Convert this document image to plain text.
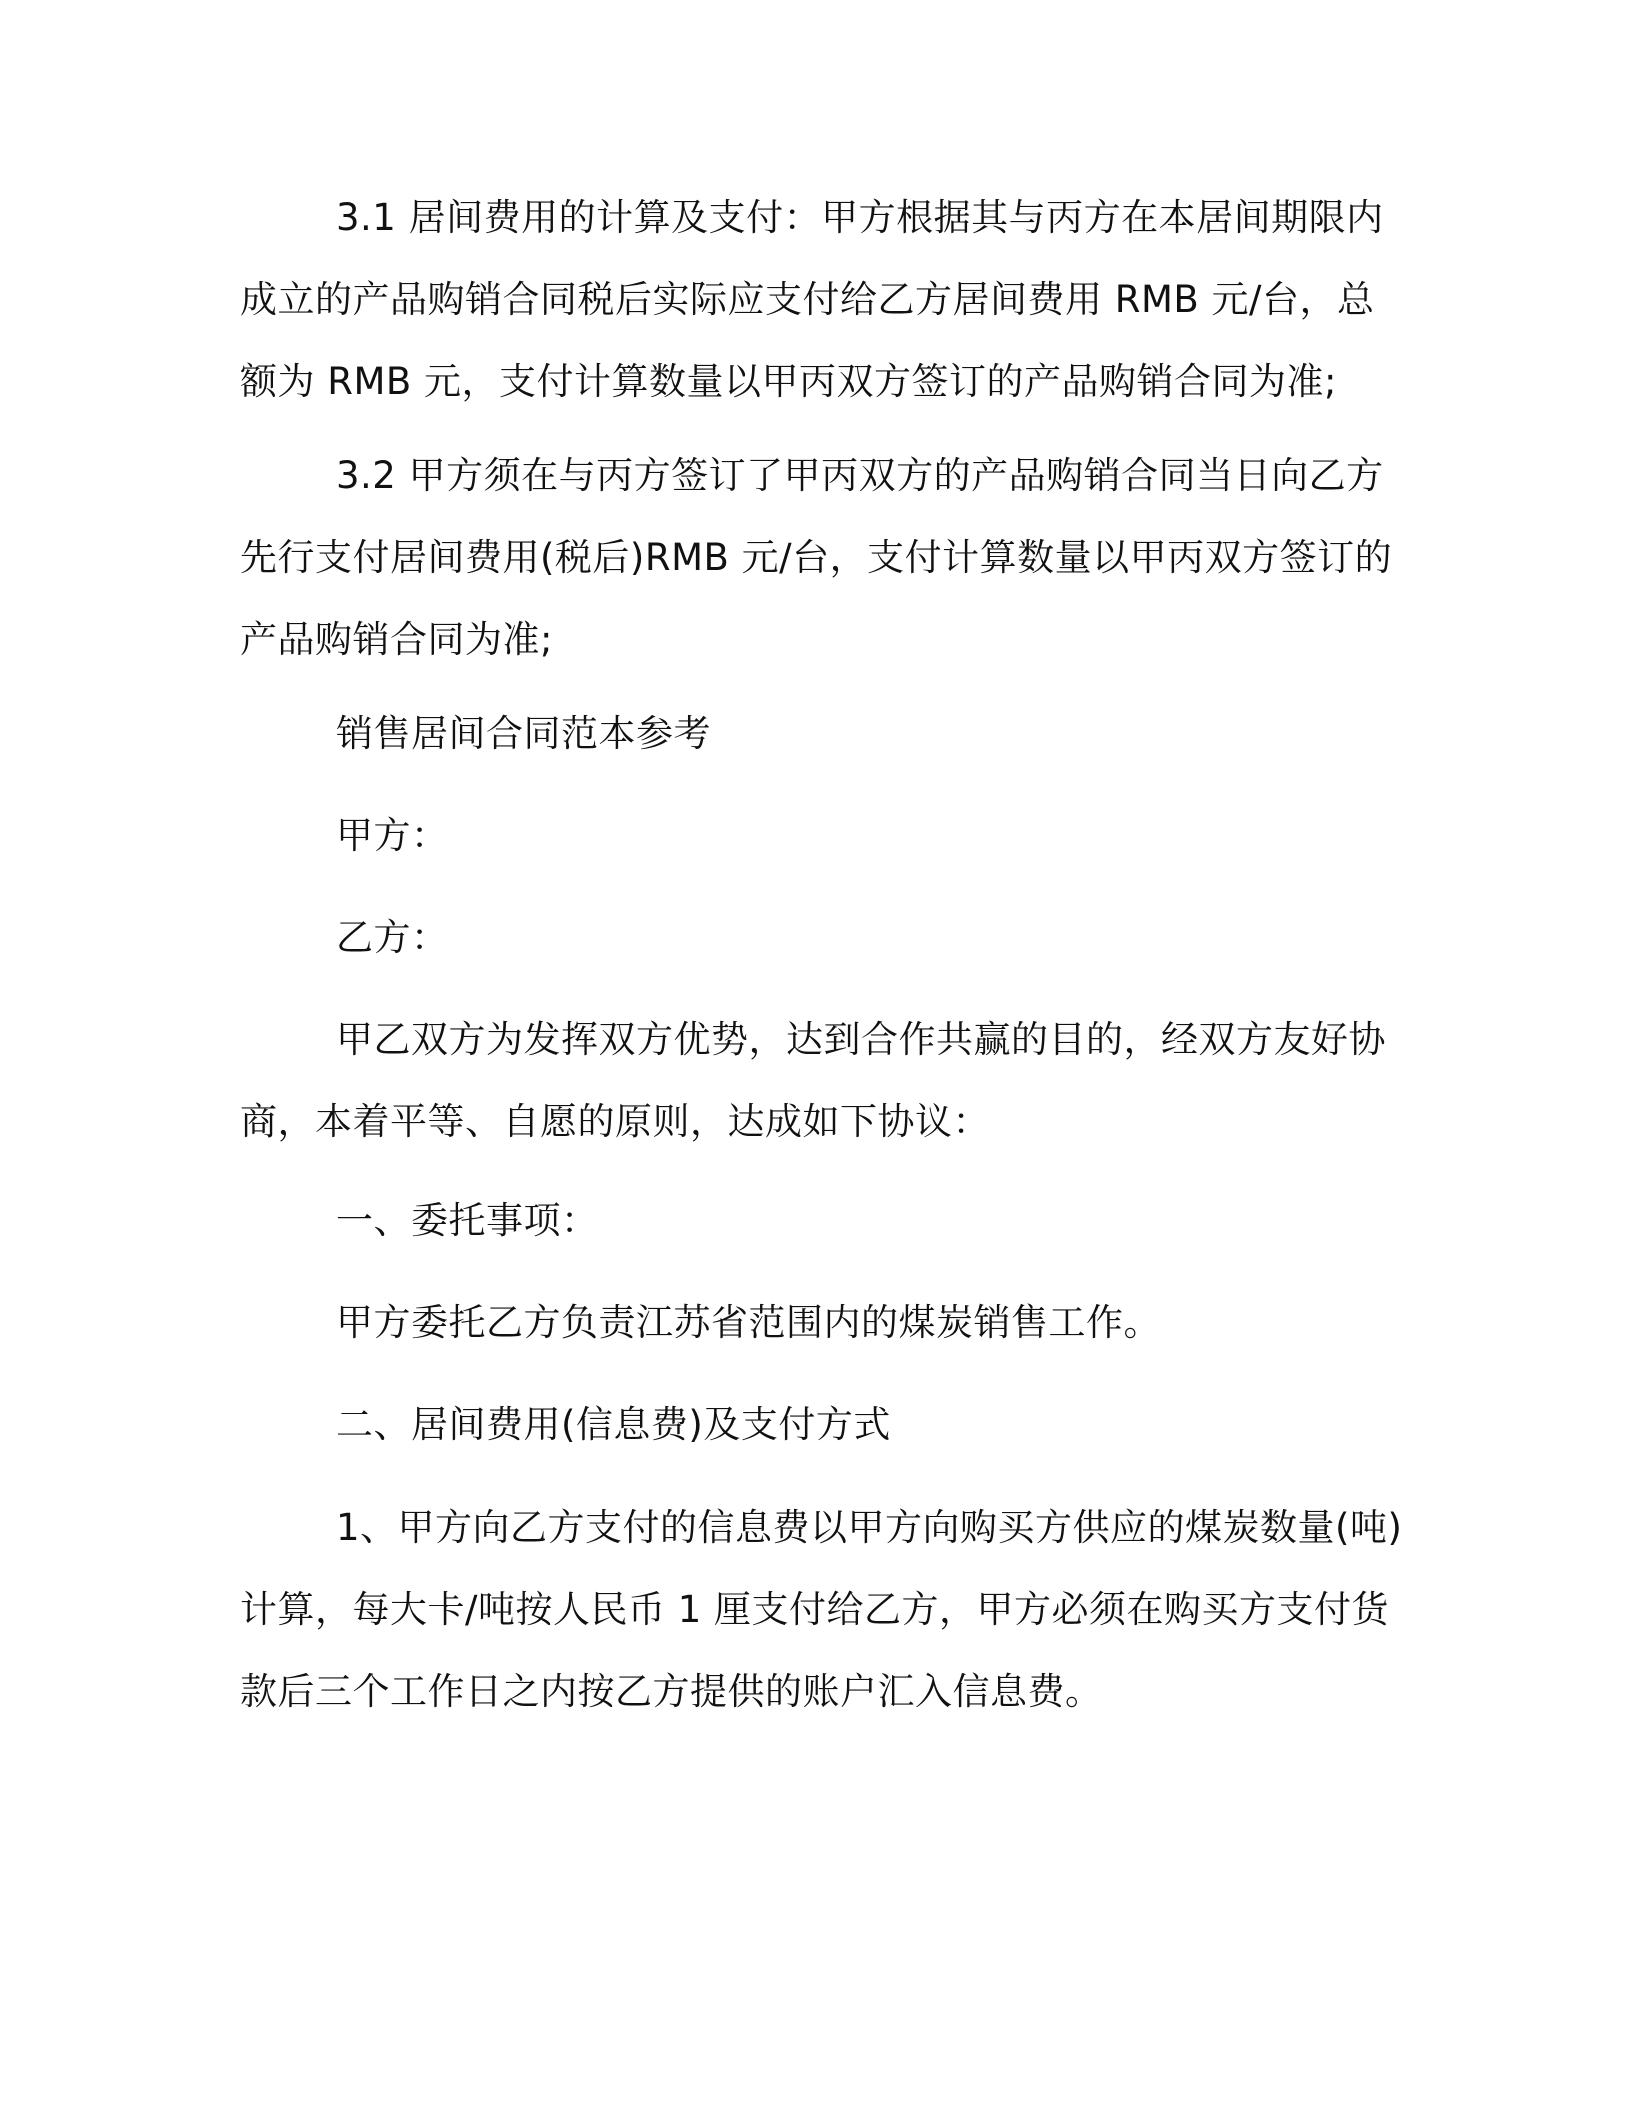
3.1 居间费用的计算及支付：甲方根据其与丙方在本居间期限内
成立的产品购销合同税后实际应支付给乙方居间费用 RMB 元/台，总
额为 RMB 元，支付计算数量以甲丙双方签订的产品购销合同为准;

3.2 甲方须在与丙方签订了甲丙双方的产品购销合同当日向乙方
先行支付居间费用(税后)RMB 元/台，支付计算数量以甲丙双方签订的
产品购销合同为准;

销售居间合同范本参考

甲方：

乙方：

甲乙双方为发挥双方优势，达到合作共赢的目的，经双方友好协
商，本着平等、自愿的原则，达成如下协议：

一、委托事项：

甲方委托乙方负责江苏省范围内的煤炭销售工作。

二、居间费用(信息费)及支付方式

1、甲方向乙方支付的信息费以甲方向购买方供应的煤炭数量(吨)
计算，每大卡/吨按人民币 1 厘支付给乙方，甲方必须在购买方支付货
款后三个工作日之内按乙方提供的账户汇入信息费。
